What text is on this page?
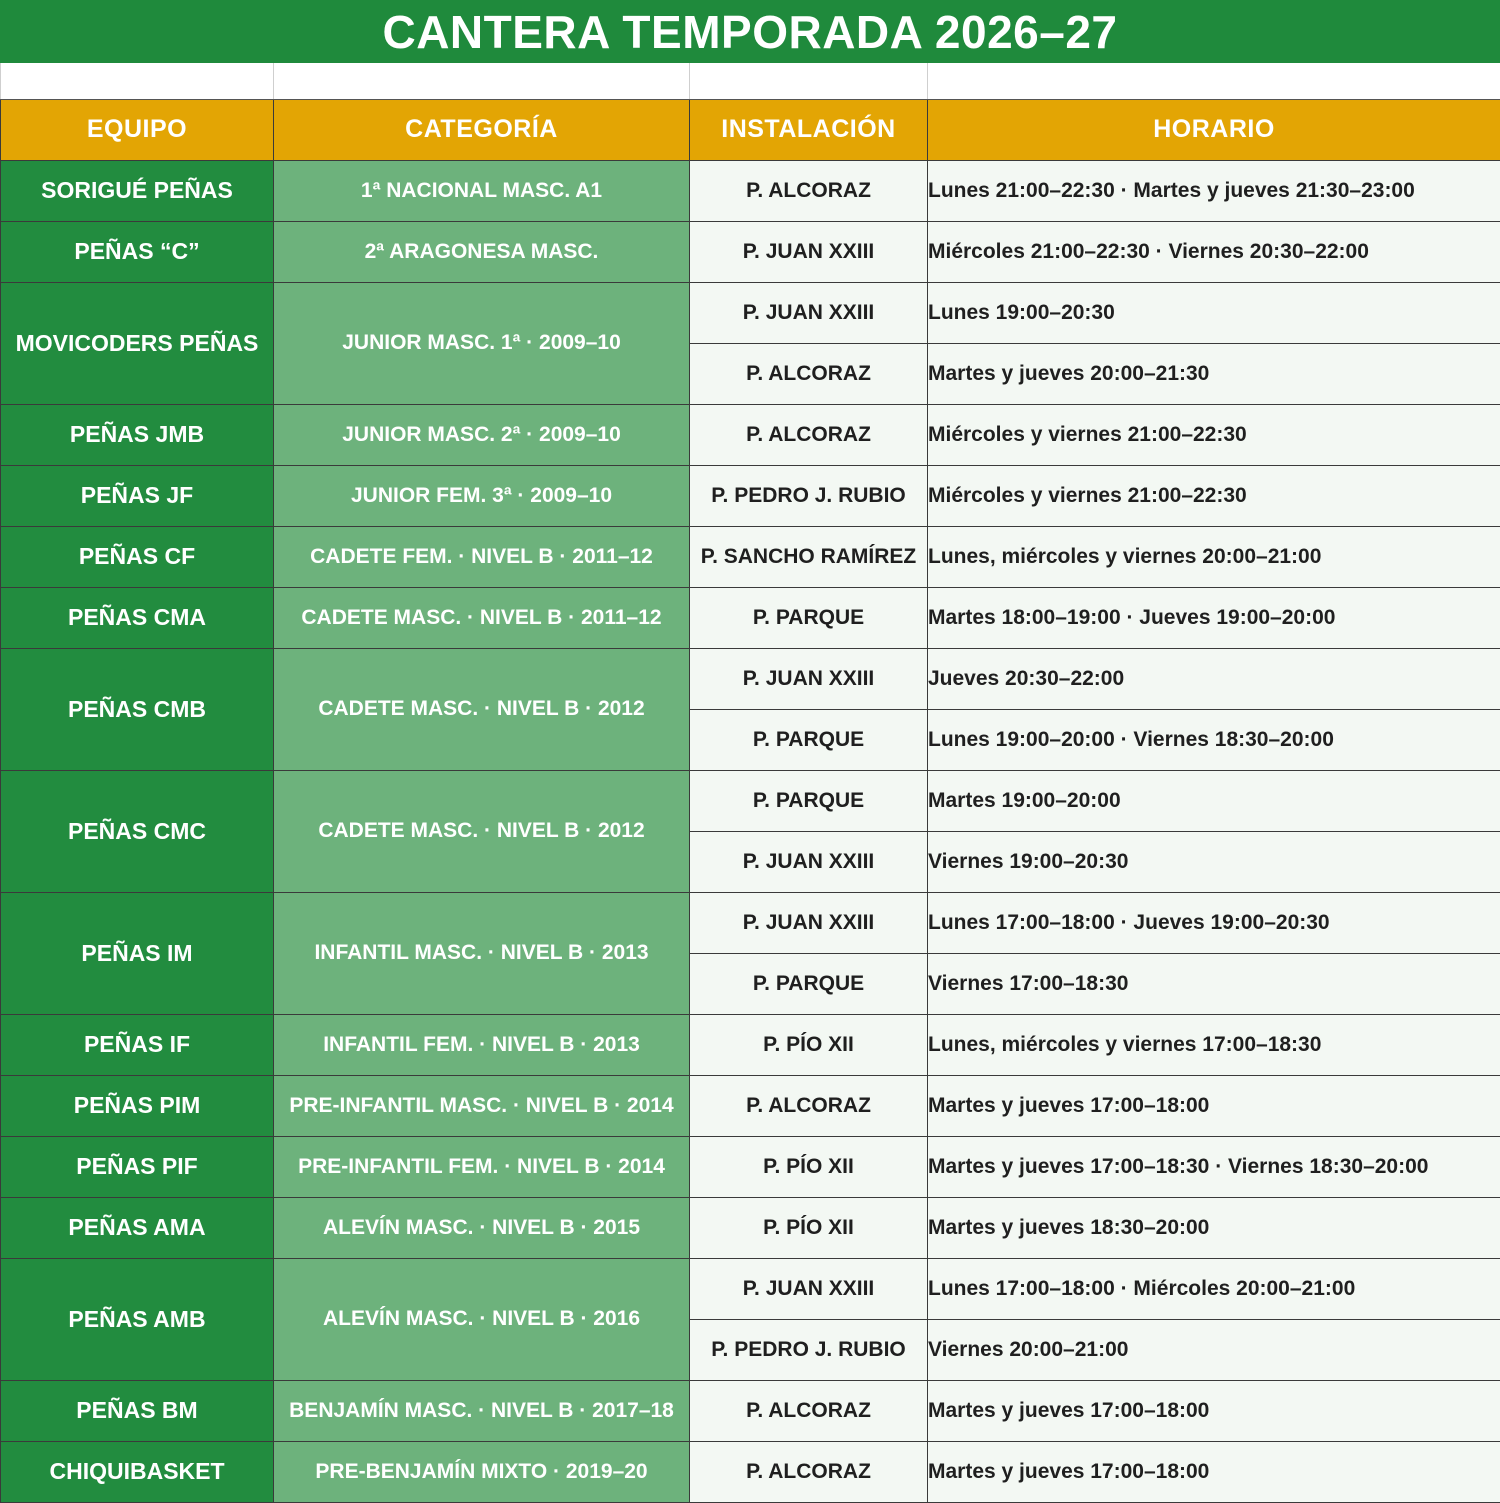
CANTERA TEMPORADA 2026–27

EQUIPO	CATEGORÍA	INSTALACIÓN	HORARIO
SORIGUÉ PEÑAS	1ª NACIONAL MASC. A1	P. ALCORAZ	Lunes 21:00–22:30 · Martes y jueves 21:30–23:00
PEÑAS “C”	2ª ARAGONESA MASC.	P. JUAN XXIII	Miércoles 21:00–22:30 · Viernes 20:30–22:00
MOVICODERS PEÑAS	JUNIOR MASC. 1ª · 2009–10	P. JUAN XXIII	Lunes 19:00–20:30
		P. ALCORAZ	Martes y jueves 20:00–21:30
PEÑAS JMB	JUNIOR MASC. 2ª · 2009–10	P. ALCORAZ	Miércoles y viernes 21:00–22:30
PEÑAS JF	JUNIOR FEM. 3ª · 2009–10	P. PEDRO J. RUBIO	Miércoles y viernes 21:00–22:30
PEÑAS CF	CADETE FEM. · NIVEL B · 2011–12	P. SANCHO RAMÍREZ	Lunes, miércoles y viernes 20:00–21:00
PEÑAS CMA	CADETE MASC. · NIVEL B · 2011–12	P. PARQUE	Martes 18:00–19:00 · Jueves 19:00–20:00
PEÑAS CMB	CADETE MASC. · NIVEL B · 2012	P. JUAN XXIII	Jueves 20:30–22:00
		P. PARQUE	Lunes 19:00–20:00 · Viernes 18:30–20:00
PEÑAS CMC	CADETE MASC. · NIVEL B · 2012	P. PARQUE	Martes 19:00–20:00
		P. JUAN XXIII	Viernes 19:00–20:30
PEÑAS IM	INFANTIL MASC. · NIVEL B · 2013	P. JUAN XXIII	Lunes 17:00–18:00 · Jueves 19:00–20:30
		P. PARQUE	Viernes 17:00–18:30
PEÑAS IF	INFANTIL FEM. · NIVEL B · 2013	P. PÍO XII	Lunes, miércoles y viernes 17:00–18:30
PEÑAS PIM	PRE-INFANTIL MASC. · NIVEL B · 2014	P. ALCORAZ	Martes y jueves 17:00–18:00
PEÑAS PIF	PRE-INFANTIL FEM. · NIVEL B · 2014	P. PÍO XII	Martes y jueves 17:00–18:30 · Viernes 18:30–20:00
PEÑAS AMA	ALEVÍN MASC. · NIVEL B · 2015	P. PÍO XII	Martes y jueves 18:30–20:00
PEÑAS AMB	ALEVÍN MASC. · NIVEL B · 2016	P. JUAN XXIII	Lunes 17:00–18:00 · Miércoles 20:00–21:00
		P. PEDRO J. RUBIO	Viernes 20:00–21:00
PEÑAS BM	BENJAMÍN MASC. · NIVEL B · 2017–18	P. ALCORAZ	Martes y jueves 17:00–18:00
CHIQUIBASKET	PRE-BENJAMÍN MIXTO · 2019–20	P. ALCORAZ	Martes y jueves 17:00–18:00
